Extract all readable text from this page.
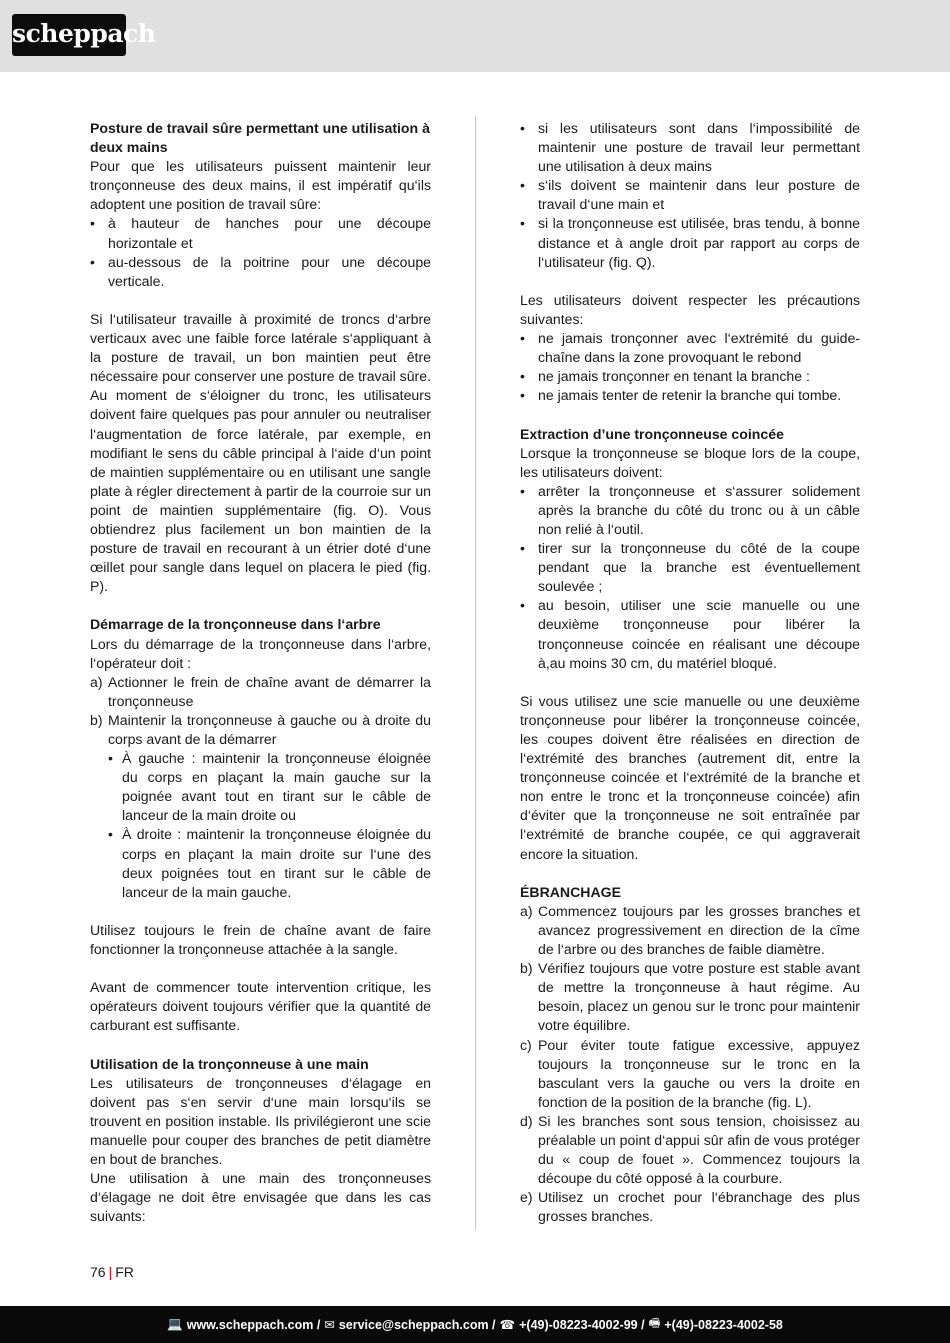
scheppach
Posture de travail sûre permettant une utilisation à deux mains
Pour que les utilisateurs puissent maintenir leur tronçonneuse des deux mains, il est impératif qu‘ils adoptent une position de travail sûre:
• à hauteur de hanches pour une découpe horizontale et
• au-dessous de la poitrine pour une découpe verticale.
Si l‘utilisateur travaille à proximité de troncs d‘arbre verticaux avec une faible force latérale s‘appliquant à la posture de travail, un bon maintien peut être nécessaire pour conserver une posture de travail sûre. Au moment de s‘éloigner du tronc, les utilisateurs doivent faire quelques pas pour annuler ou neutraliser l‘augmentation de force latérale, par exemple, en modifiant le sens du câble principal à l‘aide d‘un point de maintien supplémentaire ou en utilisant une sangle plate à régler directement à partir de la courroie sur un point de maintien supplémentaire (fig. O). Vous obtiendrez plus facilement un bon maintien de la posture de travail en recourant à un étrier doté d‘une œillet pour sangle dans lequel on placera le pied (fig. P).
Démarrage de la tronçonneuse dans l‘arbre
Lors du démarrage de la tronçonneuse dans l‘arbre, l‘opérateur doit :
a) Actionner le frein de chaîne avant de démarrer la tronçonneuse
b) Maintenir la tronçonneuse à gauche ou à droite du corps avant de la démarrer
• À gauche : maintenir la tronçonneuse éloignée du corps en plaçant la main gauche sur la poignée avant tout en tirant sur le câble de lanceur de la main droite ou
• À droite : maintenir la tronçonneuse éloignée du corps en plaçant la main droite sur l‘une des deux poignées tout en tirant sur le câble de lanceur de la main gauche.
Utilisez toujours le frein de chaîne avant de faire fonctionner la tronçonneuse attachée à la sangle.
Avant de commencer toute intervention critique, les opérateurs doivent toujours vérifier que la quantité de carburant est suffisante.
Utilisation de la tronçonneuse à une main
Les utilisateurs de tronçonneuses d‘élagage en doivent pas s‘en servir d‘une main lorsqu‘ils se trouvent en position instable. Ils privilégieront une scie manuelle pour couper des branches de petit diamètre en bout de branches.
Une utilisation à une main des tronçonneuses d‘élagage ne doit être envisagée que dans les cas suivants:
• si les utilisateurs sont dans l‘impossibilité de maintenir une posture de travail leur permettant une utilisation à deux mains
• s‘ils doivent se maintenir dans leur posture de travail d‘une main et
• si la tronçonneuse est utilisée, bras tendu, à bonne distance et à angle droit par rapport au corps de l‘utilisateur (fig. Q).
Les utilisateurs doivent respecter les précautions suivantes:
• ne jamais tronçonner avec l‘extrémité du guide-chaîne dans la zone provoquant le rebond
• ne jamais tronçonner en tenant la branche :
• ne jamais tenter de retenir la branche qui tombe.
Extraction d’une tronçonneuse coincée
Lorsque la tronçonneuse se bloque lors de la coupe, les utilisateurs doivent:
• arrêter la tronçonneuse et s‘assurer solidement après la branche du côté du tronc ou à un câble non relié à l‘outil.
• tirer sur la tronçonneuse du côté de la coupe pendant que la branche est éventuellement soulevée ;
• au besoin, utiliser une scie manuelle ou une deuxième tronçonneuse pour libérer la tronçonneuse coincée en réalisant une découpe à,au moins 30 cm, du matériel bloqué.
Si vous utilisez une scie manuelle ou une deuxième tronçonneuse pour libérer la tronçonneuse coincée, les coupes doivent être réalisées en direction de l‘extrémité des branches (autrement dit, entre la tronçonneuse coincée et l‘extrémité de la branche et non entre le tronc et la tronçonneuse coincée) afin d‘éviter que la tronçonneuse ne soit entraînée par l‘extrémité de branche coupée, ce qui aggraverait encore la situation.
ÉBRANCHAGE
a) Commencez toujours par les grosses branches et avancez progressivement en direction de la cîme de l‘arbre ou des branches de faible diamètre.
b) Vérifiez toujours que votre posture est stable avant de mettre la tronçonneuse à haut régime. Au besoin, placez un genou sur le tronc pour maintenir votre équilibre.
c) Pour éviter toute fatigue excessive, appuyez toujours la tronçonneuse sur le tronc en la basculant vers la gauche ou vers la droite en fonction de la position de la branche (fig. L).
d) Si les branches sont sous tension, choisissez au préalable un point d‘appui sûr afin de vous protéger du « coup de fouet ». Commencez toujours la découpe du côté opposé à la courbure.
e) Utilisez un crochet pour l‘ébranchage des plus grosses branches.
76 | FR
💻 www.scheppach.com / ✉ service@scheppach.com / ☎ +(49)-08223-4002-99 / 🖷 +(49)-08223-4002-58
